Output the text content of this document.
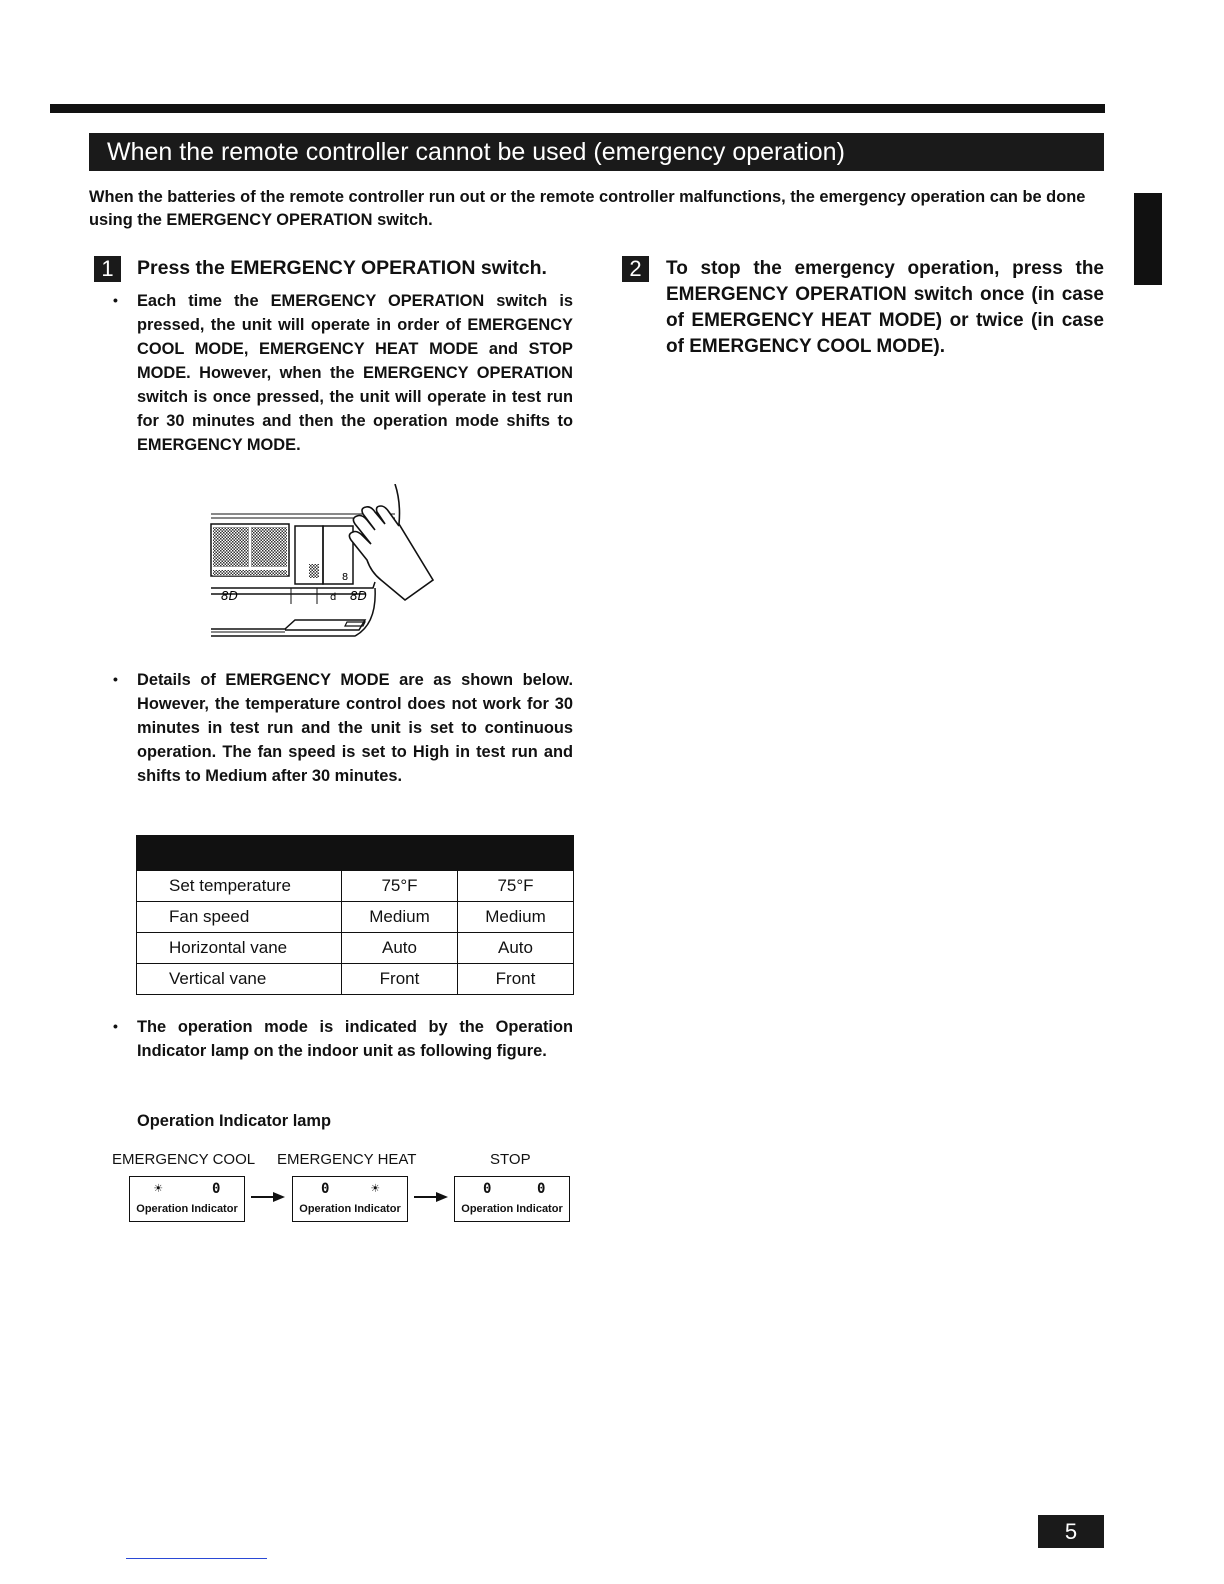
When the remote controller cannot be used (emergency operation)
When the batteries of the remote controller run out or the remote controller malfunctions, the emergency operation can be done using the EMERGENCY OPERATION switch.
1	Press the EMERGENCY OPERATION switch.
• Each time the EMERGENCY OPERATION switch is pressed, the unit will operate in order of EMERGENCY COOL MODE, EMERGENCY HEAT MODE and STOP MODE. However, when the EMERGENCY OPERATION switch is once pressed, the unit will operate in test run for 30 minutes and then the operation mode shifts to EMERGENCY MODE.
8
8D	8D
d
• Details of EMERGENCY MODE are as shown below. However, the temperature control does not work for 30 minutes in test run and the unit is set to continuous operation. The fan speed is set to High in test run and shifts to Medium after 30 minutes.

Set temperature	75°F	75°F
Fan speed	Medium	Medium
Horizontal vane	Auto	Auto
Vertical vane	Front	Front
• The operation mode is indicated by the Operation Indicator lamp on the indoor unit as following figure.
Operation Indicator lamp
EMERGENCY COOL EMERGENCY HEAT	STOP
☀	0
Operation Indicator
0	☀
Operation Indicator
0	0
Operation Indicator
2	To stop the emergency operation, press the EMERGENCY OPERATION switch once (in case of EMERGENCY HEAT MODE) or twice (in case of EMERGENCY COOL MODE).
5
